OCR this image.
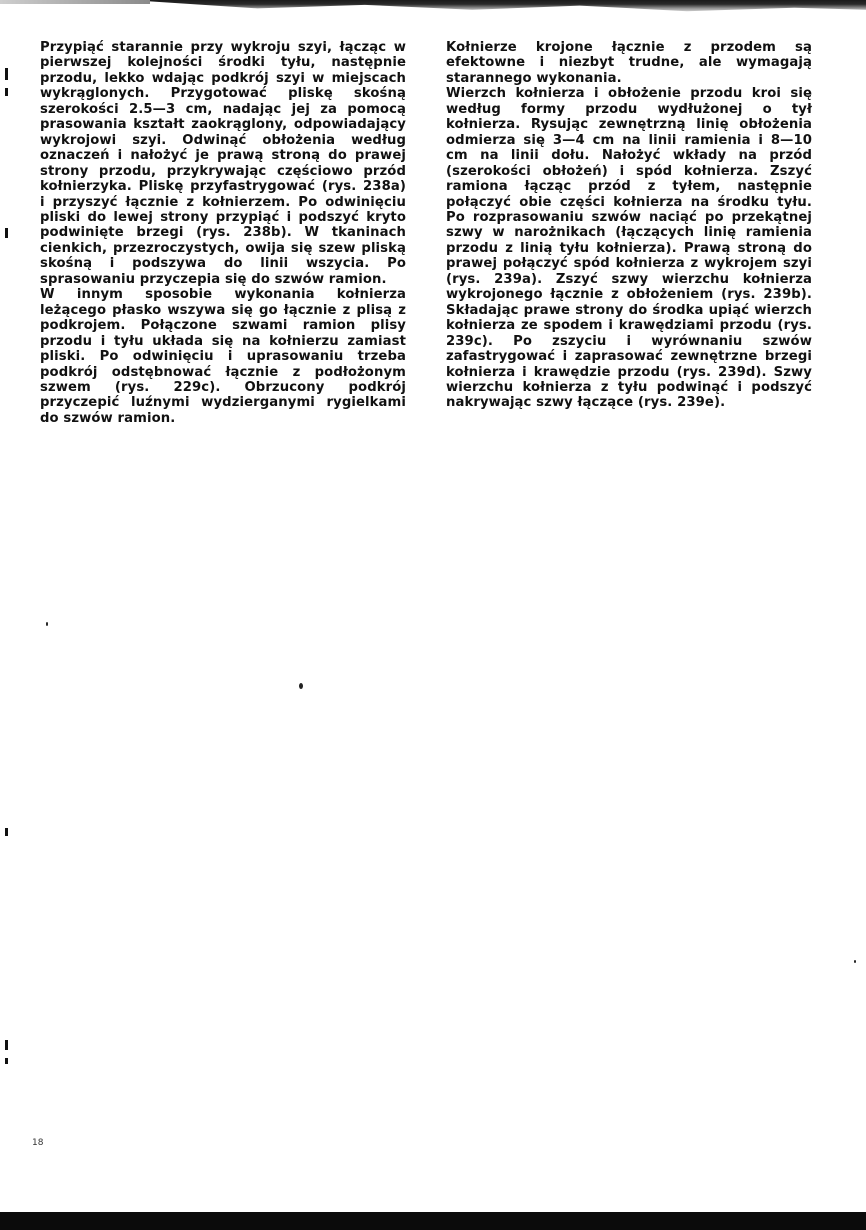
Przypiąć starannie przy wykroju szyi, łącząc w pierwszej kolejności środki tyłu, następnie przodu, lekko wdając podkrój szyi w miejscach wykrąglonych. Przygotować pliskę skośną szerokości 2.5—3 cm, nadając jej za pomocą prasowania kształt zaokrąglony, odpowiadający wykrojowi szyi. Odwinąć obłożenia według oznaczeń i nałożyć je prawą stroną do prawej strony przodu, przykrywając częściowo przód kołnierzyka. Pliskę przyfastrygować (rys. 238a) i przyszyć łącznie z kołnierzem. Po odwinięciu pliski do lewej strony przypiąć i podszyć kryto podwinięte brzegi (rys. 238b). W tkaninach cienkich, przezroczystych, owija się szew pliską skośną i podszywa do linii wszycia. Po sprasowaniu przyczepia się do szwów ramion.

W innym sposobie wykonania kołnierza leżącego płasko wszywa się go łącznie z plisą z podkrojem. Połączone szwami ramion plisy przodu i tyłu układa się na kołnierzu zamiast pliski. Po odwinięciu i uprasowaniu trzeba podkrój odstębnować łącznie z podłożonym szwem (rys. 229c). Obrzucony podkrój przyczepić luźnymi wydzierganymi rygielkami do szwów ramion.

Kołnierze krojone łącznie z przodem są efektowne i niezbyt trudne, ale wymagają starannego wykonania.

Wierzch kołnierza i obłożenie przodu kroi się według formy przodu wydłużonej o tył kołnierza. Rysując zewnętrzną linię obłożenia odmierza się 3—4 cm na linii ramienia i 8—10 cm na linii dołu. Nałożyć wkłady na przód (szerokości obłożeń) i spód kołnierza. Zszyć ramiona łącząc przód z tyłem, następnie połączyć obie części kołnierza na środku tyłu. Po rozprasowaniu szwów naciąć po przekątnej szwy w narożnikach (łączących linię ramienia przodu z linią tyłu kołnierza). Prawą stroną do prawej połączyć spód kołnierza z wykrojem szyi (rys. 239a). Zszyć szwy wierzchu kołnierza wykrojonego łącznie z obłożeniem (rys. 239b). Składając prawe strony do środka upiąć wierzch kołnierza ze spodem i krawędziami przodu (rys. 239c). Po zszyciu i wyrównaniu szwów zafastrygować i zaprasować zewnętrzne brzegi kołnierza i krawędzie przodu (rys. 239d). Szwy wierzchu kołnierza z tyłu podwinąć i podszyć nakrywając szwy łączące (rys. 239e).

18
